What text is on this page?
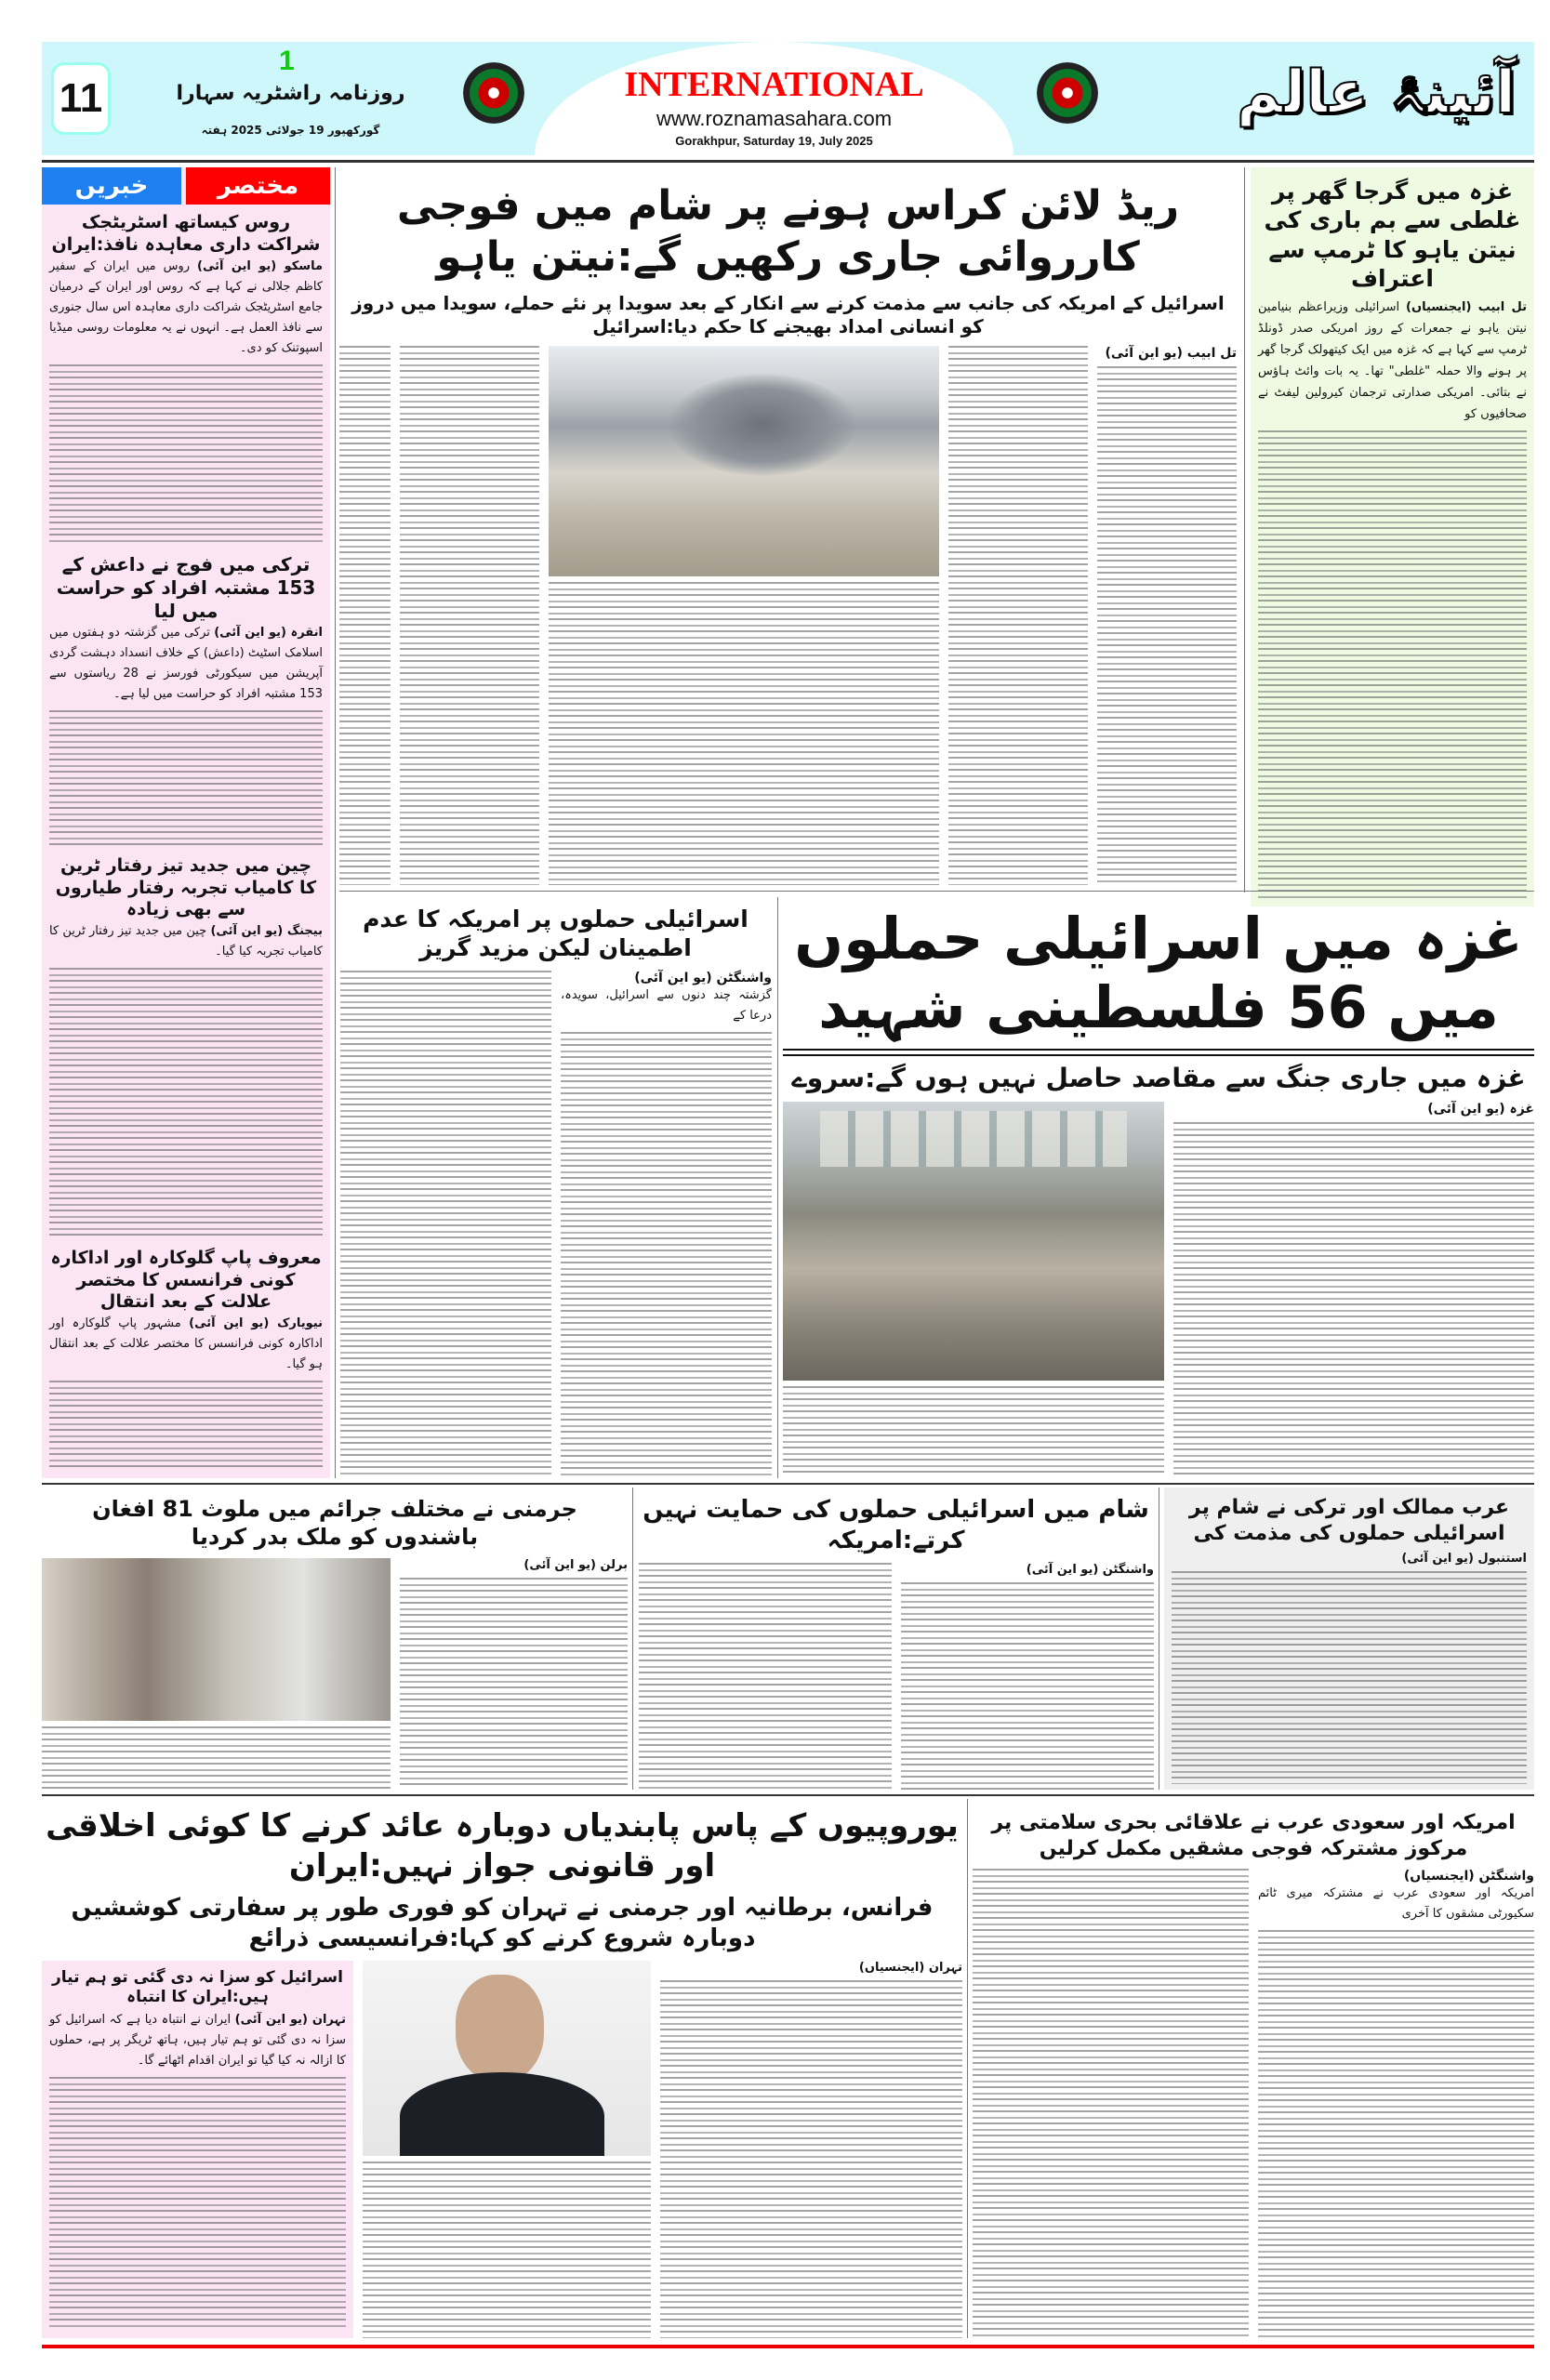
11
1
روزنامہ راشٹریہ سہارا
گورکھپور 19 جولائی 2025 ہفتہ
INTERNATIONAL
www.roznamasahara.com
Gorakhpur, Saturday 19, July 2025
آئینۂ عالم
خبریں	مختصر
روس کیساتھ اسٹریٹجک شراکت داری معاہدہ نافذ:ایران
ماسکو (یو این آئی) روس میں ایران کے سفیر کاظم جلالی نے کہا ہے کہ روس اور ایران کے درمیان جامع اسٹریٹجک شراکت داری معاہدہ اس سال جنوری سے نافذ العمل ہے۔ انہوں نے یہ معلومات روسی میڈیا اسپوتنک کو دی۔
ترکی میں فوج نے داعش کے 153 مشتبہ افراد کو حراست میں لیا
انقرہ (یو این آئی) ترکی میں گزشتہ دو ہفتوں میں اسلامک اسٹیٹ (داعش) کے خلاف انسداد دہشت گردی آپریشن میں سیکورٹی فورسز نے 28 ریاستوں سے 153 مشتبہ افراد کو حراست میں لیا ہے۔
چین میں جدید تیز رفتار ٹرین کا کامیاب تجربہ رفتار طیاروں سے بھی زیادہ
بیجنگ (یو این آئی) چین میں جدید تیز رفتار ٹرین کا کامیاب تجربہ کیا گیا۔
معروف پاپ گلوکارہ اور اداکارہ کونی فرانسس کا مختصر علالت کے بعد انتقال
نیویارک (یو این آئی) مشہور پاپ گلوکارہ اور اداکارہ کونی فرانسس کا مختصر علالت کے بعد انتقال ہو گیا۔
غزہ میں گرجا گھر پر غلطی سے بم باری کی نیتن یاہو کا ٹرمپ سے اعتراف
تل ابیب (ایجنسیاں) اسرائیلی وزیراعظم بنیامین نیتن یاہو نے جمعرات کے روز امریکی صدر ڈونلڈ ٹرمپ سے کہا ہے کہ غزہ میں ایک کیتھولک گرجا گھر پر ہونے والا حملہ "غلطی" تھا۔ یہ بات وائٹ ہاؤس نے بتائی۔ امریکی صدارتی ترجمان کیرولین لیفٹ نے صحافیوں کو
ریڈ لائن کراس ہونے پر شام میں فوجی کارروائی جاری رکھیں گے:نیتن یاہو
اسرائیل کے امریکہ کی جانب سے مذمت کرنے سے انکار کے بعد سویدا پر نئے حملے، سویدا میں دروز کو انسانی امداد بھیجنے کا حکم دیا:اسرائیل
تل ابیب (یو این آئی)
اسرائیلی حملوں پر امریکہ کا عدم اطمینان لیکن مزید گریز
واشنگٹن (یو این آئی)
گزشتہ چند دنوں سے اسرائیل، سویدہ، درعا کے
غزہ میں اسرائیلی حملوں میں 56 فلسطینی شہید
غزہ میں جاری جنگ سے مقاصد حاصل نہیں ہوں گے:سروے
غزہ (یو این آئی)
جرمنی نے مختلف جرائم میں ملوث 81 افغان باشندوں کو ملک بدر کردیا
برلن (یو این آئی)
شام میں اسرائیلی حملوں کی حمایت نہیں کرتے:امریکہ
واشنگٹن (یو این آئی)
عرب ممالک اور ترکی نے شام پر اسرائیلی حملوں کی مذمت کی
استنبول (یو این آئی)
یوروپیوں کے پاس پابندیاں دوبارہ عائد کرنے کا کوئی اخلاقی اور قانونی جواز نہیں:ایران
فرانس، برطانیہ اور جرمنی نے تہران کو فوری طور پر سفارتی کوششیں دوبارہ شروع کرنے کو کہا:فرانسیسی ذرائع
تہران (ایجنسیاں)
اسرائیل کو سزا نہ دی گئی تو ہم تیار ہیں:ایران کا انتباہ
تہران (یو این آئی) ایران نے انتباہ دیا ہے کہ اسرائیل کو سزا نہ دی گئی تو ہم تیار ہیں، ہاتھ ٹریگر پر ہے، حملوں کا ازالہ نہ کیا گیا تو ایران اقدام اٹھائے گا۔
امریکہ اور سعودی عرب نے علاقائی بحری سلامتی پر مرکوز مشترکہ فوجی مشقیں مکمل کرلیں
واشنگٹن (ایجنسیاں)
امریکہ اور سعودی عرب نے مشترکہ میری ٹائم سکیورٹی مشقوں کا آخری
